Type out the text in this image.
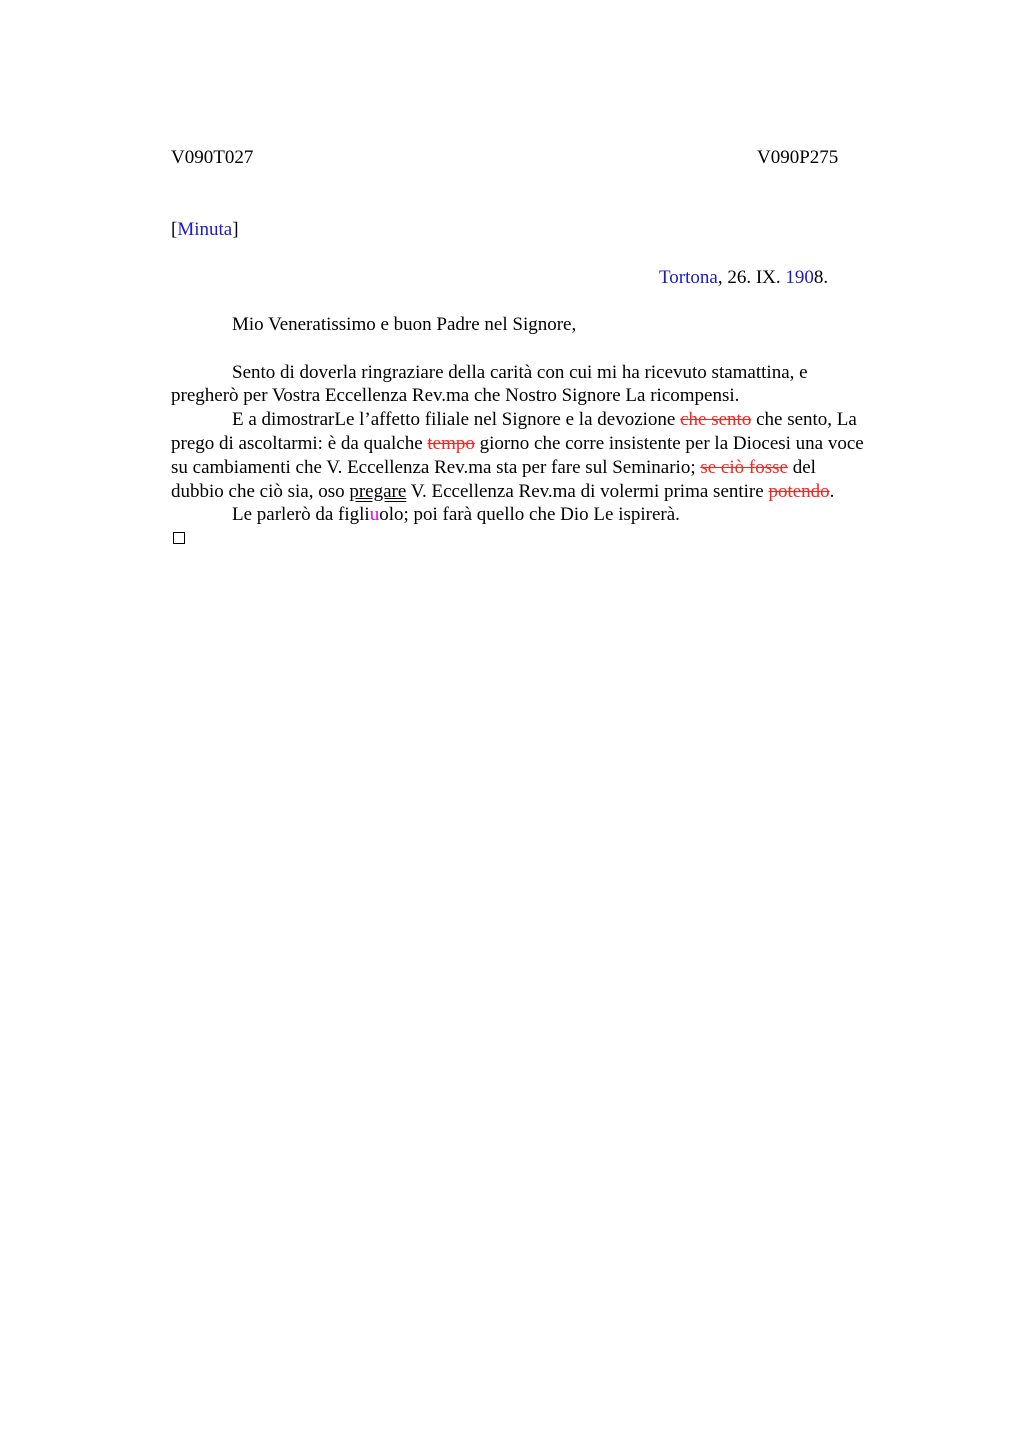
V090T027	V090P275
[Minuta]
Tortona, 26. IX. 1908.
Mio Veneratissimo e buon Padre nel Signore,
Sento di doverla ringraziare della carità con cui mi ha ricevuto stamattina, e
pregherò per Vostra Eccellenza Rev.ma che Nostro Signore La ricompensi.
E a dimostrarLe l’affetto filiale nel Signore e la devozione che sento che sento, La
prego di ascoltarmi: è da qualche tempo giorno che corre insistente per la Diocesi una voce
su cambiamenti che V. Eccellenza Rev.ma sta per fare sul Seminario; se ciò fosse del
dubbio che ciò sia, oso pregare V. Eccellenza Rev.ma di volermi prima sentire potendo.
Le parlerò da figliuolo; poi farà quello che Dio Le ispirerà.
